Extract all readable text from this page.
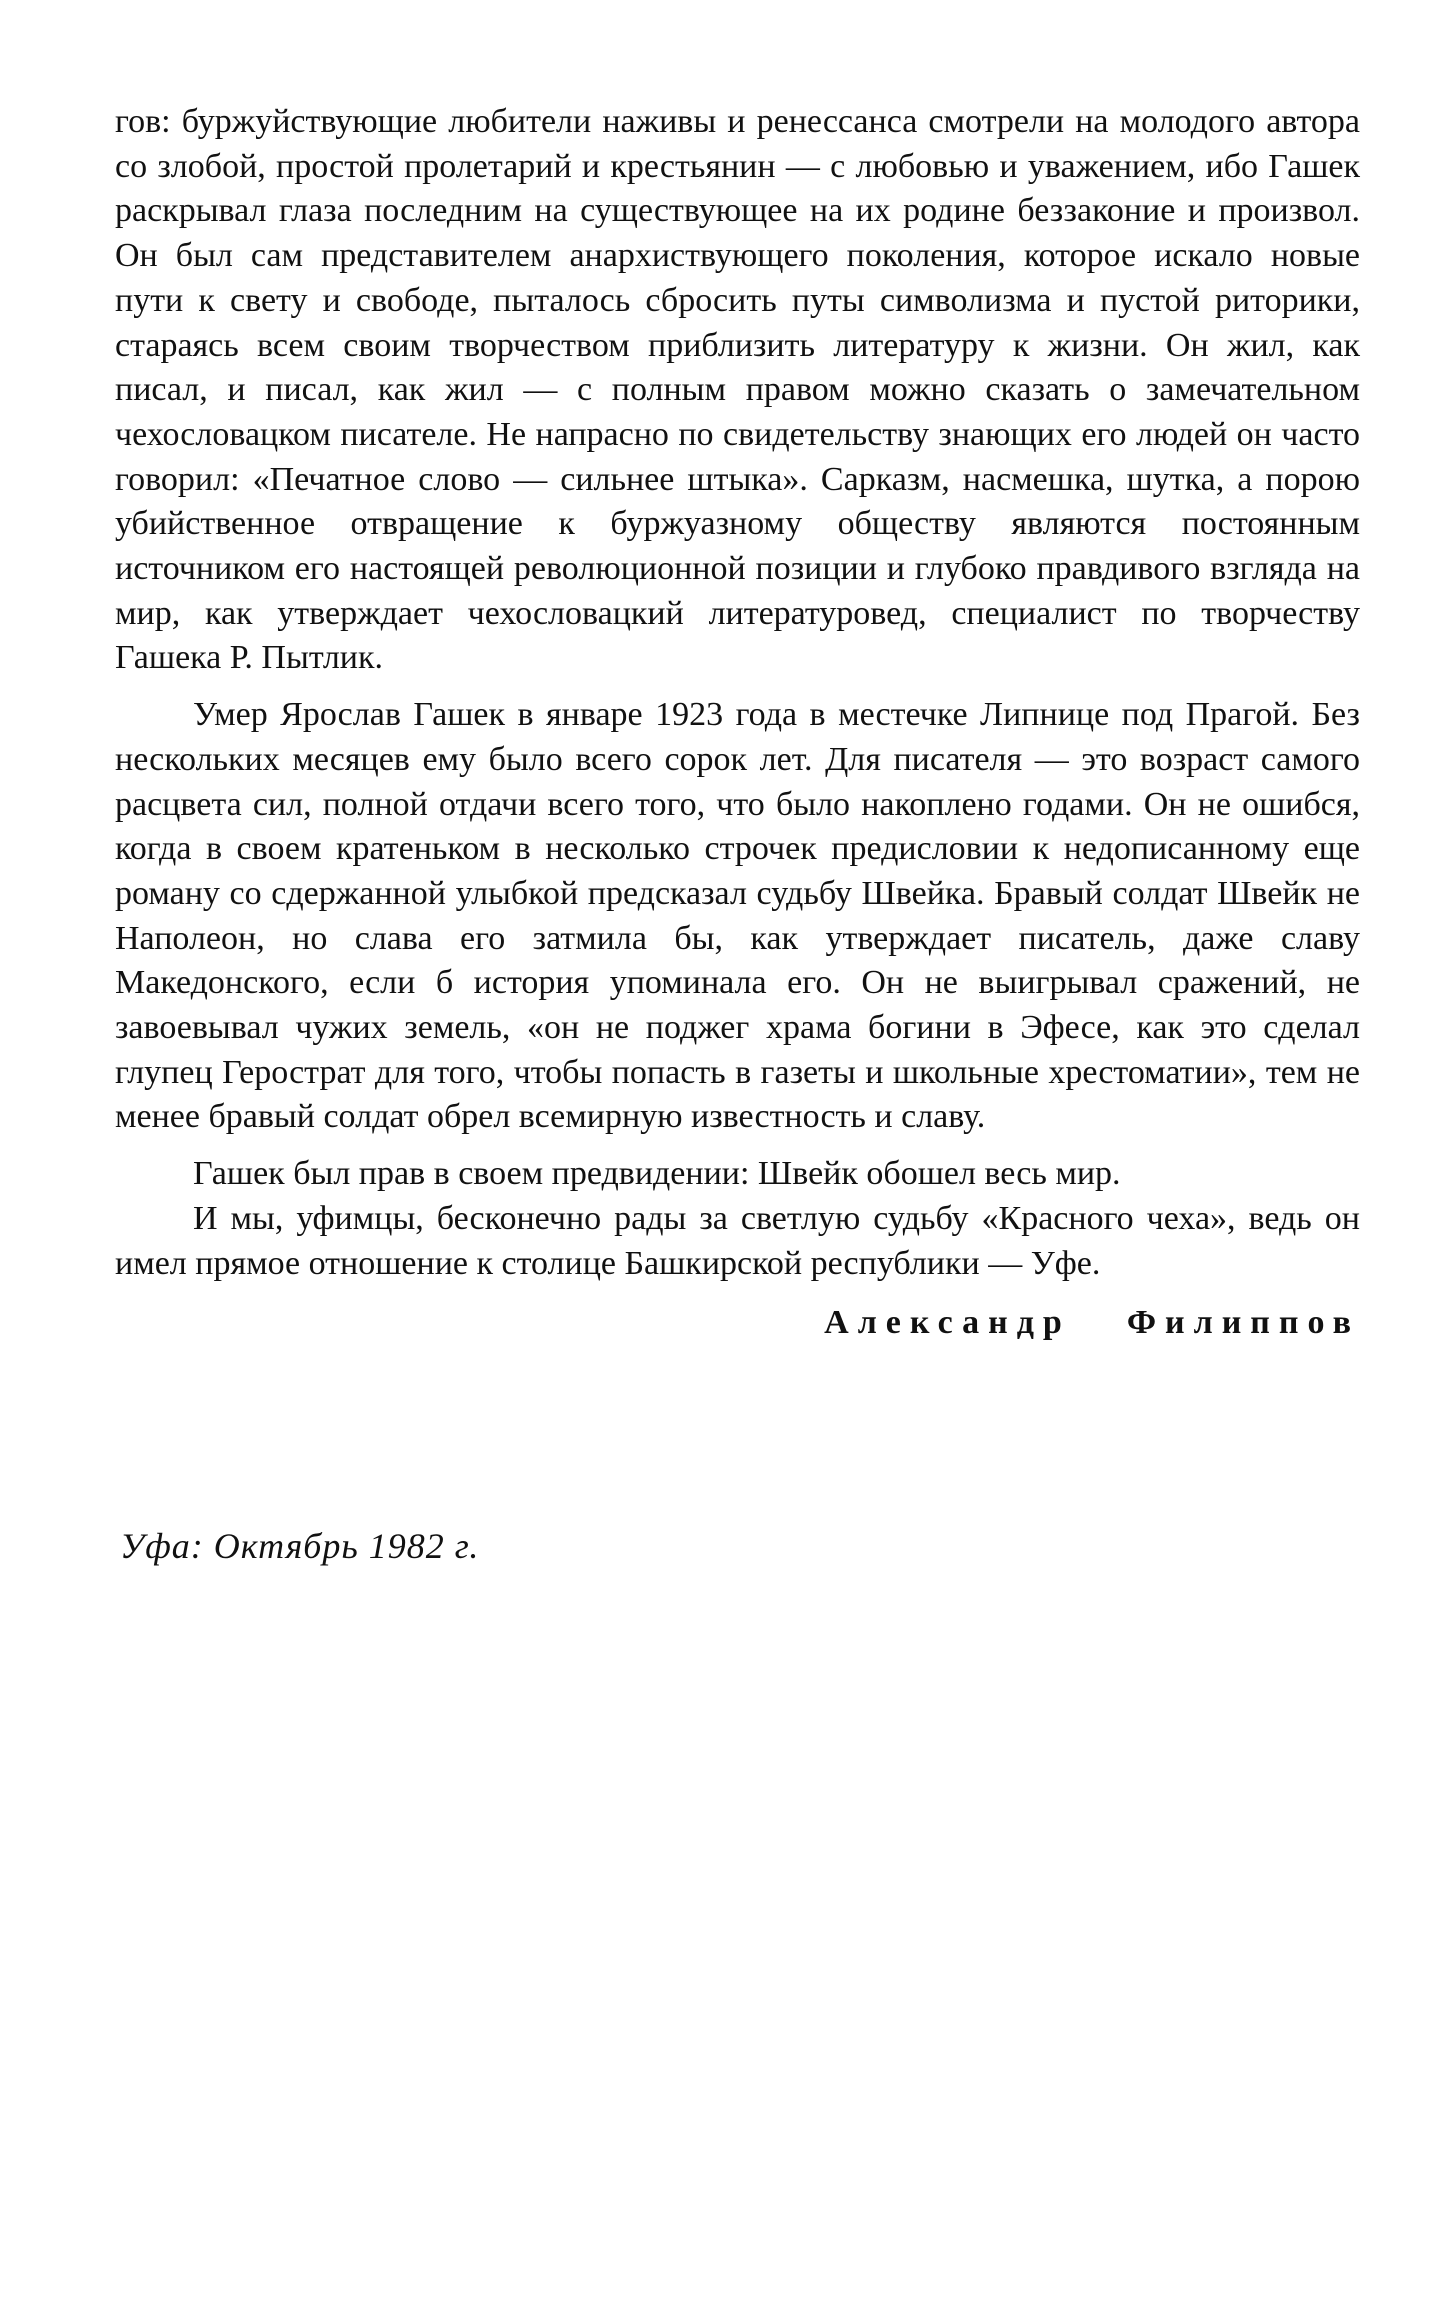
гов: буржуйствующие любители наживы и ренессанса смотрели на молодого автора со злобой, простой пролетарий и крестьянин — с любовью и уважением, ибо Гашек раскрывал глаза последним на существующее на их родине беззаконие и произвол. Он был сам представителем анархиствующего поколения, которое искало новые пути к свету и свободе, пыталось сбросить путы символизма и пустой риторики, стараясь всем своим творчеством приблизить литературу к жизни. Он жил, как писал, и писал, как жил — с полным правом можно сказать о замечательном чехословацком писателе. Не напрасно по свидетельству знающих его людей он часто говорил: «Печатное слово — сильнее штыка». Сарказм, насмешка, шутка, а порою убийственное отвращение к буржуазному обществу являются постоянным источником его настоящей революционной позиции и глубоко правдивого взгляда на мир, как утверждает чехословацкий литературовед, специалист по творчеству Гашека Р. Пытлик.

Умер Ярослав Гашек в январе 1923 года в местечке Липнице под Прагой. Без нескольких месяцев ему было всего сорок лет. Для писателя — это возраст самого расцвета сил, полной отдачи всего того, что было накоплено годами. Он не ошибся, когда в своем кратеньком в несколько строчек предисловии к недописанному еще роману со сдержанной улыбкой предсказал судьбу Швейка. Бравый солдат Швейк не Наполеон, но слава его затмила бы, как утверждает писатель, даже славу Македонского, если б история упоминала его. Он не выигрывал сражений, не завоевывал чужих земель, «он не поджег храма богини в Эфесе, как это сделал глупец Герострат для того, чтобы попасть в газеты и школьные хрестоматии», тем не менее бравый солдат обрел всемирную известность и славу.

Гашек был прав в своем предвидении: Швейк обошел весь мир.

И мы, уфимцы, бесконечно рады за светлую судьбу «Красного чеха», ведь он имел прямое отношение к столице Башкирской республики — Уфе.

Александр Филиппов
Уфа: Октябрь 1982 г.
